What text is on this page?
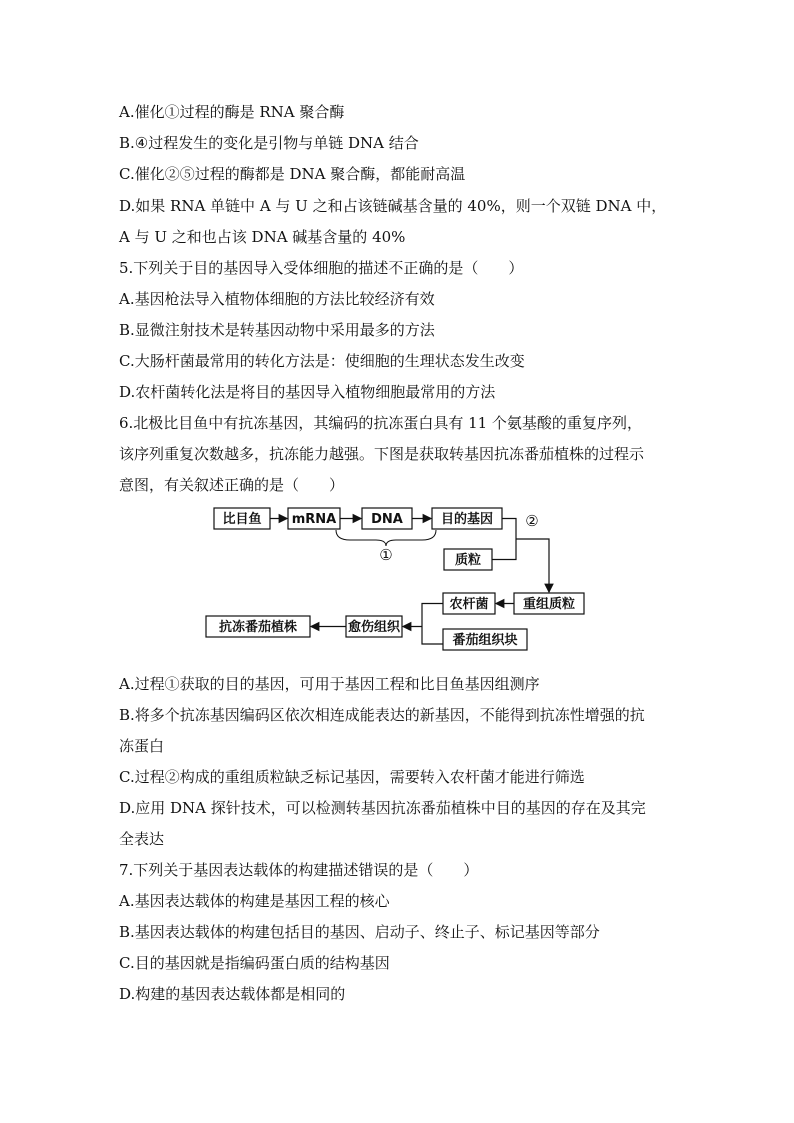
A.催化①过程的酶是 RNA 聚合酶
B.④过程发生的变化是引物与单链 DNA 结合
C.催化②⑤过程的酶都是 DNA 聚合酶，都能耐高温
D.如果 RNA 单链中 A 与 U 之和占该链碱基含量的 40%，则一个双链 DNA 中，
A 与 U 之和也占该 DNA 碱基含量的 40%
5.下列关于目的基因导入受体细胞的描述不正确的是（　　）
A.基因枪法导入植物体细胞的方法比较经济有效
B.显微注射技术是转基因动物中采用最多的方法
C.大肠杆菌最常用的转化方法是：使细胞的生理状态发生改变
D.农杆菌转化法是将目的基因导入植物细胞最常用的方法
6.北极比目鱼中有抗冻基因，其编码的抗冻蛋白具有 11 个氨基酸的重复序列，
该序列重复次数越多，抗冻能力越强。下图是获取转基因抗冻番茄植株的过程示
意图，有关叙述正确的是（　　）
比目鱼 mRNA	DNA	目的基因
质粒
重组质粒
农杆菌
愈伤组织
抗冻番茄植株
番茄组织块
①
②
A.过程①获取的目的基因，可用于基因工程和比目鱼基因组测序
B.将多个抗冻基因编码区依次相连成能表达的新基因，不能得到抗冻性增强的抗
冻蛋白
C.过程②构成的重组质粒缺乏标记基因，需要转入农杆菌才能进行筛选
D.应用 DNA 探针技术，可以检测转基因抗冻番茄植株中目的基因的存在及其完
全表达
7.下列关于基因表达载体的构建描述错误的是（　　）
A.基因表达载体的构建是基因工程的核心
B.基因表达载体的构建包括目的基因、启动子、终止子、标记基因等部分
C.目的基因就是指编码蛋白质的结构基因
D.构建的基因表达载体都是相同的
